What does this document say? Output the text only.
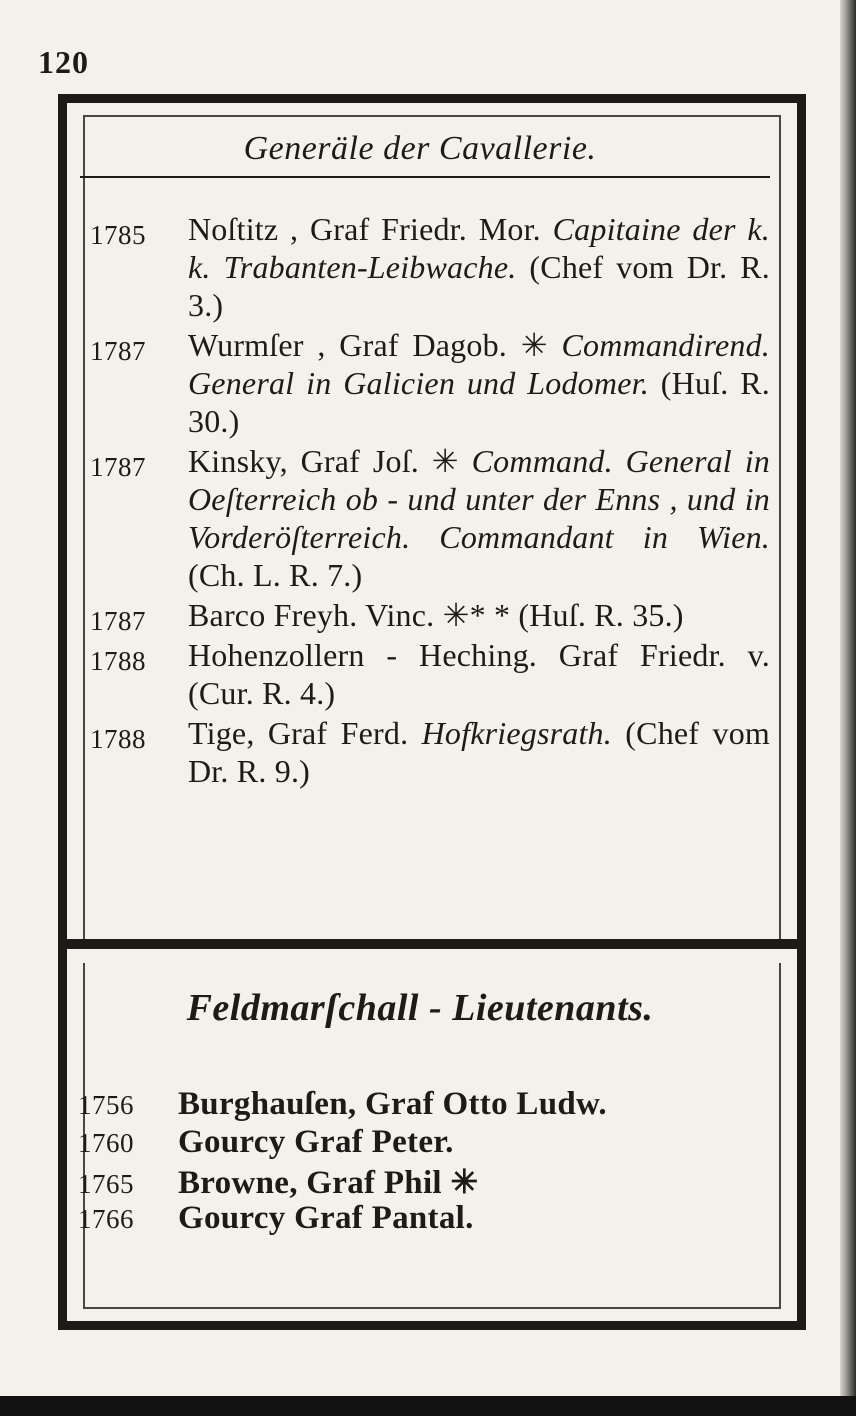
120
Generäle der Cavallerie.
1785	Noſtitz , Graf Friedr. Mor. Capitaine der k. k. Trabanten-Leibwache. (Chef vom Dr. R. 3.)
1787	Wurmſer , Graf Dagob. ✳ Commandirend. General in Galicien und Lodomer. (Huſ. R. 30.)
1787	Kinsky, Graf Joſ. ✳ Command. General in Oeſterreich ob - und unter der Enns , und in Vorderöſterreich. Commandant in Wien. (Ch. L. R. 7.)
1787	Barco Freyh. Vinc. ✳* * (Huſ. R. 35.)
1788	Hohenzollern - Heching. Graf Friedr. v. (Cur. R. 4.)
1788	Tige, Graf Ferd. Hofkriegsrath. (Chef vom Dr. R. 9.)
Feldmarſchall - Lieutenants.
1756	Burghauſen, Graf Otto Ludw.
1760	Gourcy Graf Peter.
1765	Browne, Graf Phil ✳
1766	Gourcy Graf Pantal.
